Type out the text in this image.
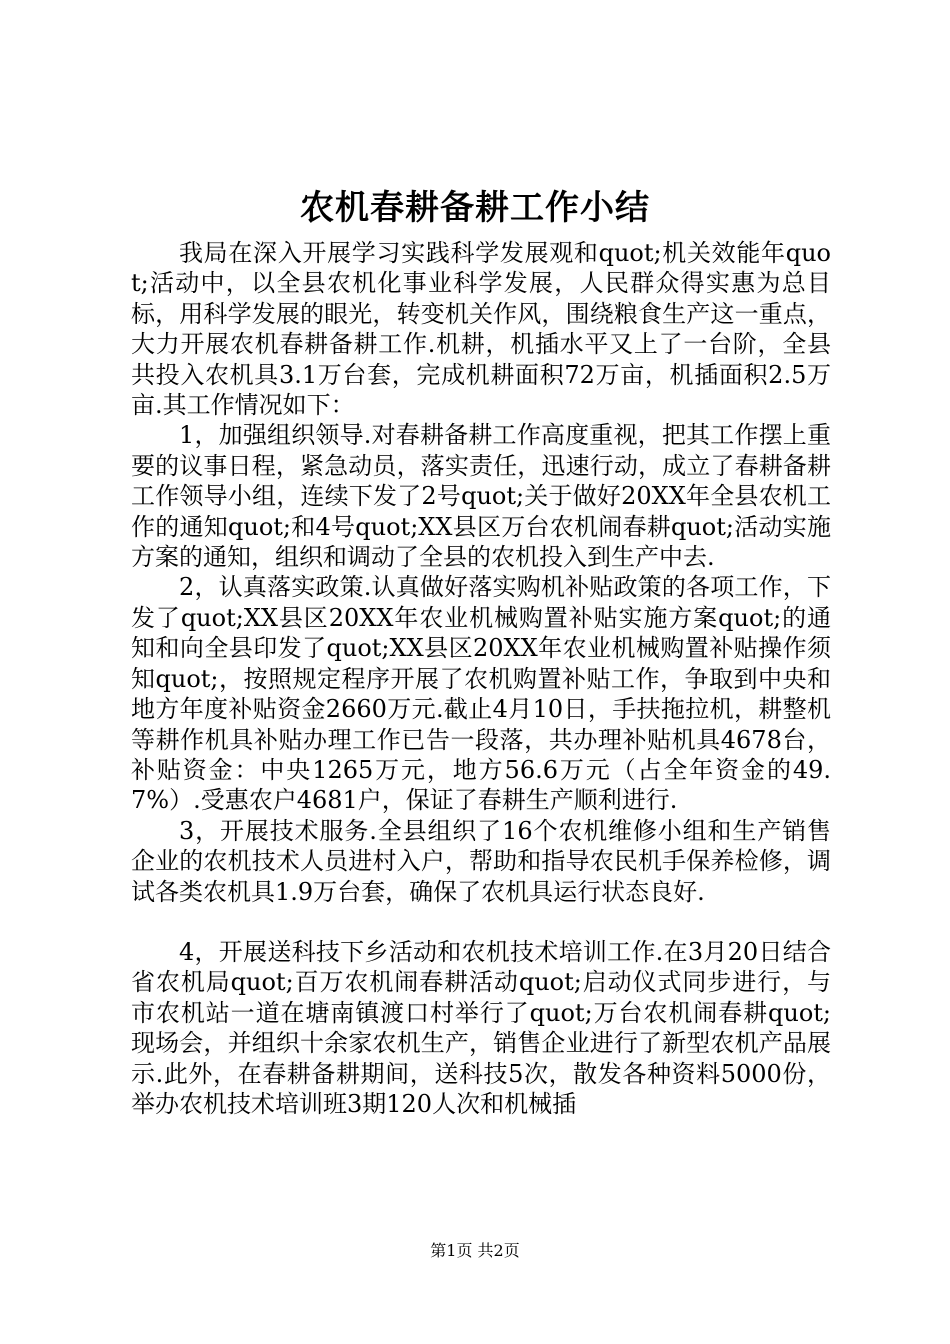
农机春耕备耕工作小结

我局在深入开展学习实践科学发展观和quot;机关效能年quot;活动中，以全县农机化事业科学发展，人民群众得实惠为总目标，用科学发展的眼光，转变机关作风，围绕粮食生产这一重点，大力开展农机春耕备耕工作.机耕，机插水平又上了一台阶，全县共投入农机具3.1万台套，完成机耕面积72万亩，机插面积2.5万亩.其工作情况如下：

1，加强组织领导.对春耕备耕工作高度重视，把其工作摆上重要的议事日程，紧急动员，落实责任，迅速行动，成立了春耕备耕工作领导小组，连续下发了2号quot;关于做好20XX年全县农机工作的通知quot;和4号quot;XX县区万台农机闹春耕quot;活动实施方案的通知，组织和调动了全县的农机投入到生产中去.

2，认真落实政策.认真做好落实购机补贴政策的各项工作，下发了quot;XX县区20XX年农业机械购置补贴实施方案quot;的通知和向全县印发了quot;XX县区20XX年农业机械购置补贴操作须知quot;，按照规定程序开展了农机购置补贴工作，争取到中央和地方年度补贴资金2660万元.截止4月10日，手扶拖拉机，耕整机等耕作机具补贴办理工作已告一段落，共办理补贴机具4678台，补贴资金：中央1265万元，地方56.6万元（占全年资金的49.7%）.受惠农户4681户，保证了春耕生产顺利进行.

3，开展技术服务.全县组织了16个农机维修小组和生产销售企业的农机技术人员进村入户，帮助和指导农民机手保养检修，调试各类农机具1.9万台套，确保了农机具运行状态良好.

4，开展送科技下乡活动和农机技术培训工作.在3月20日结合省农机局quot;百万农机闹春耕活动quot;启动仪式同步进行，与市农机站一道在塘南镇渡口村举行了quot;万台农机闹春耕quot;现场会，并组织十余家农机生产，销售企业进行了新型农机产品展示.此外，在春耕备耕期间，送科技5次，散发各种资料5000份，举办农机技术培训班3期120人次和机械插

第1页 共2页
